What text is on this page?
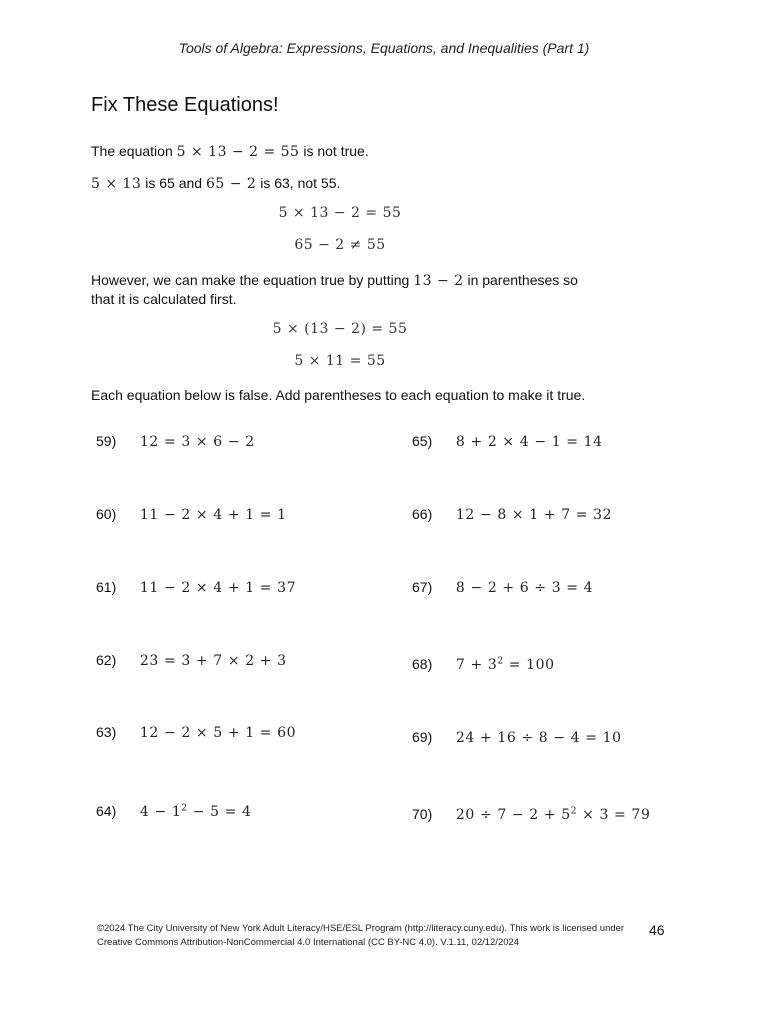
Tools of Algebra: Expressions, Equations, and Inequalities (Part 1)
Fix These Equations!
The equation 5 × 13 − 2 = 55 is not true.
5 × 13 is 65 and 65 − 2 is 63, not 55.
5 × 13 − 2 = 55
65 − 2 ≠ 55
However, we can make the equation true by putting 13 − 2 in parentheses so that it is calculated first.
5 × (13 − 2) = 55
5 × 11 = 55
Each equation below is false. Add parentheses to each equation to make it true.
59) 12 = 3 × 6 − 2
60) 11 − 2 × 4 + 1 = 1
61) 11 − 2 × 4 + 1 = 37
62) 23 = 3 + 7 × 2 + 3
63) 12 − 2 × 5 + 1 = 60
64) $4 - 1^2 - 5 = 4$
65) 8 + 2 × 4 − 1 = 14
66) 12 − 8 × 1 + 7 = 32
67) 8 − 2 + 6 ÷ 3 = 4
68) $7 + 3^2 = 100$
69) 24 + 16 ÷ 8 − 4 = 10
70) $20 \div 7 - 2 + 5^2 \times 3 = 79$
©2024 The City University of New York Adult Literacy/HSE/ESL Program (http://literacy.cuny.edu). This work is licensed under Creative Commons Attribution-NonCommercial 4.0 International (CC BY-NC 4.0). V.1.11, 02/12/2024
46
